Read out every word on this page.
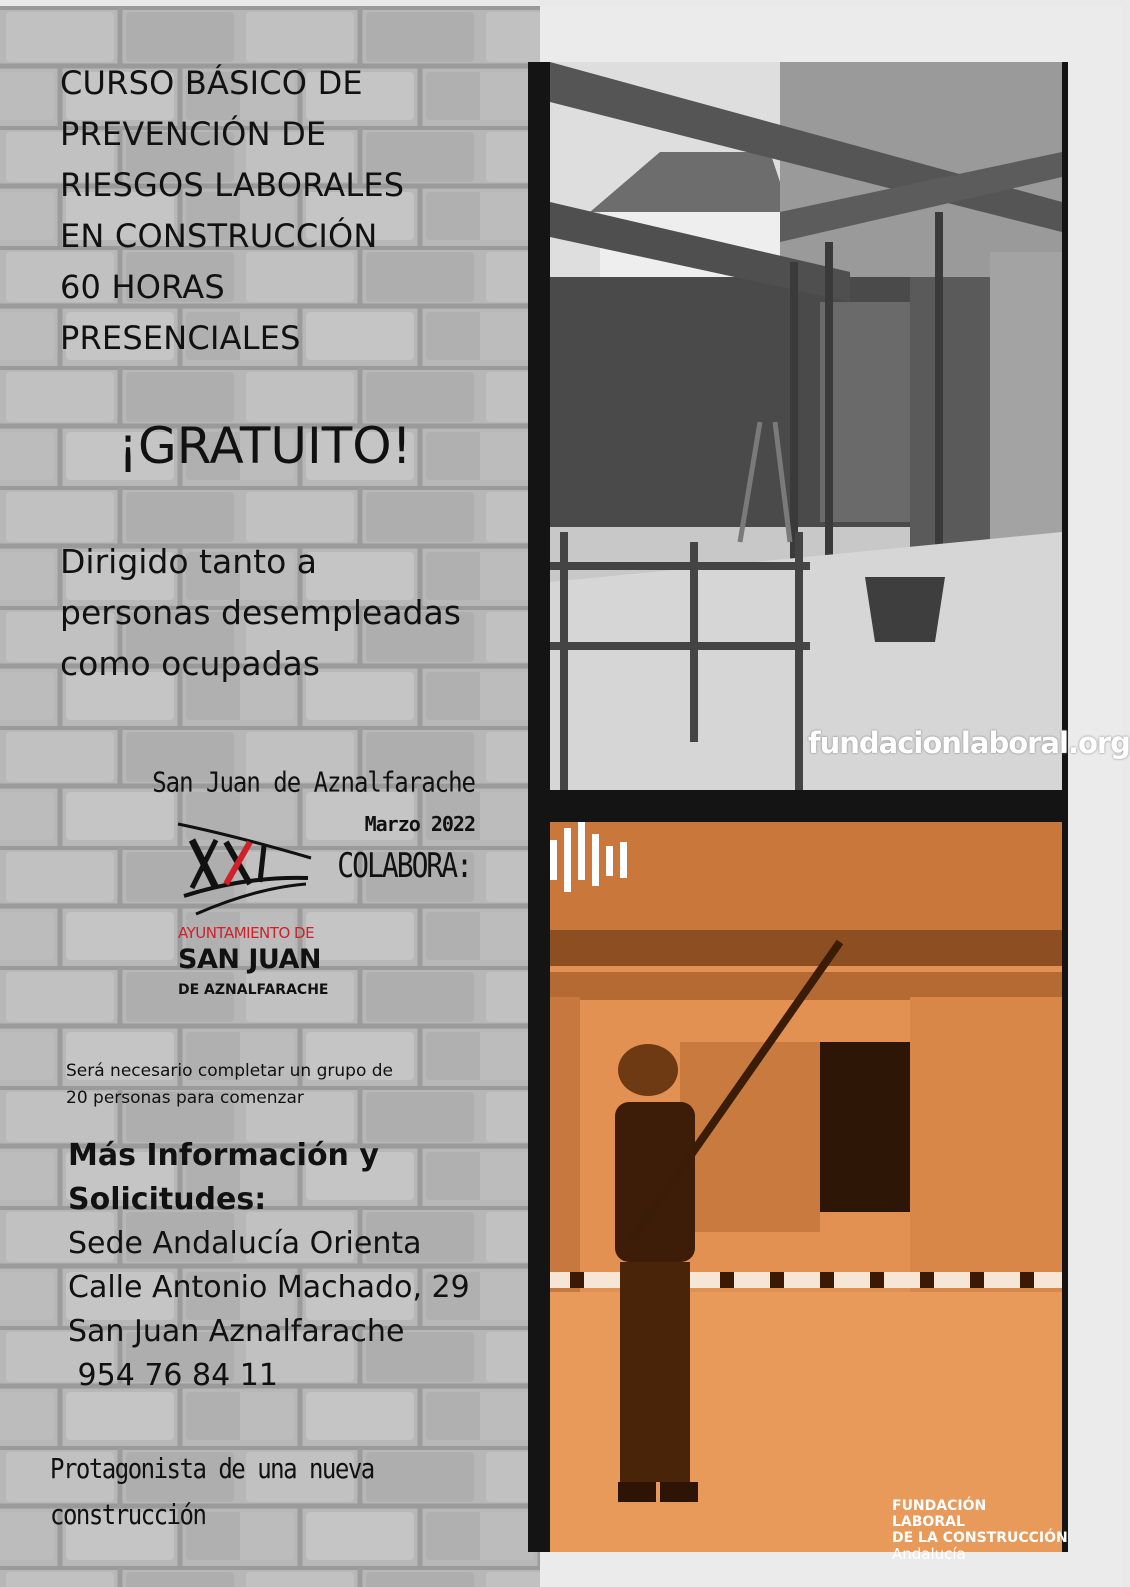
fundacionlaboral.org
FUNDACIÓN
LABORAL
DE LA CONSTRUCCIÓN
Andalucía
CURSO BÁSICO DE
PREVENCIÓN DE
RIESGOS LABORALES
EN CONSTRUCCIÓN
60 HORAS
PRESENCIALES
¡GRATUITO!
Dirigido tanto a
personas desempleadas
como ocupadas
San Juan de Aznalfarache
Marzo 2022
COLABORA:
AYUNTAMIENTO DE
SAN JUAN
DE AZNALFARACHE
Será necesario completar un grupo de
20 personas para comenzar
Más Información y
Solicitudes:
Sede Andalucía Orienta
Calle Antonio Machado, 29
San Juan Aznalfarache
954 76 84 11
Protagonista de una nueva
construcción
